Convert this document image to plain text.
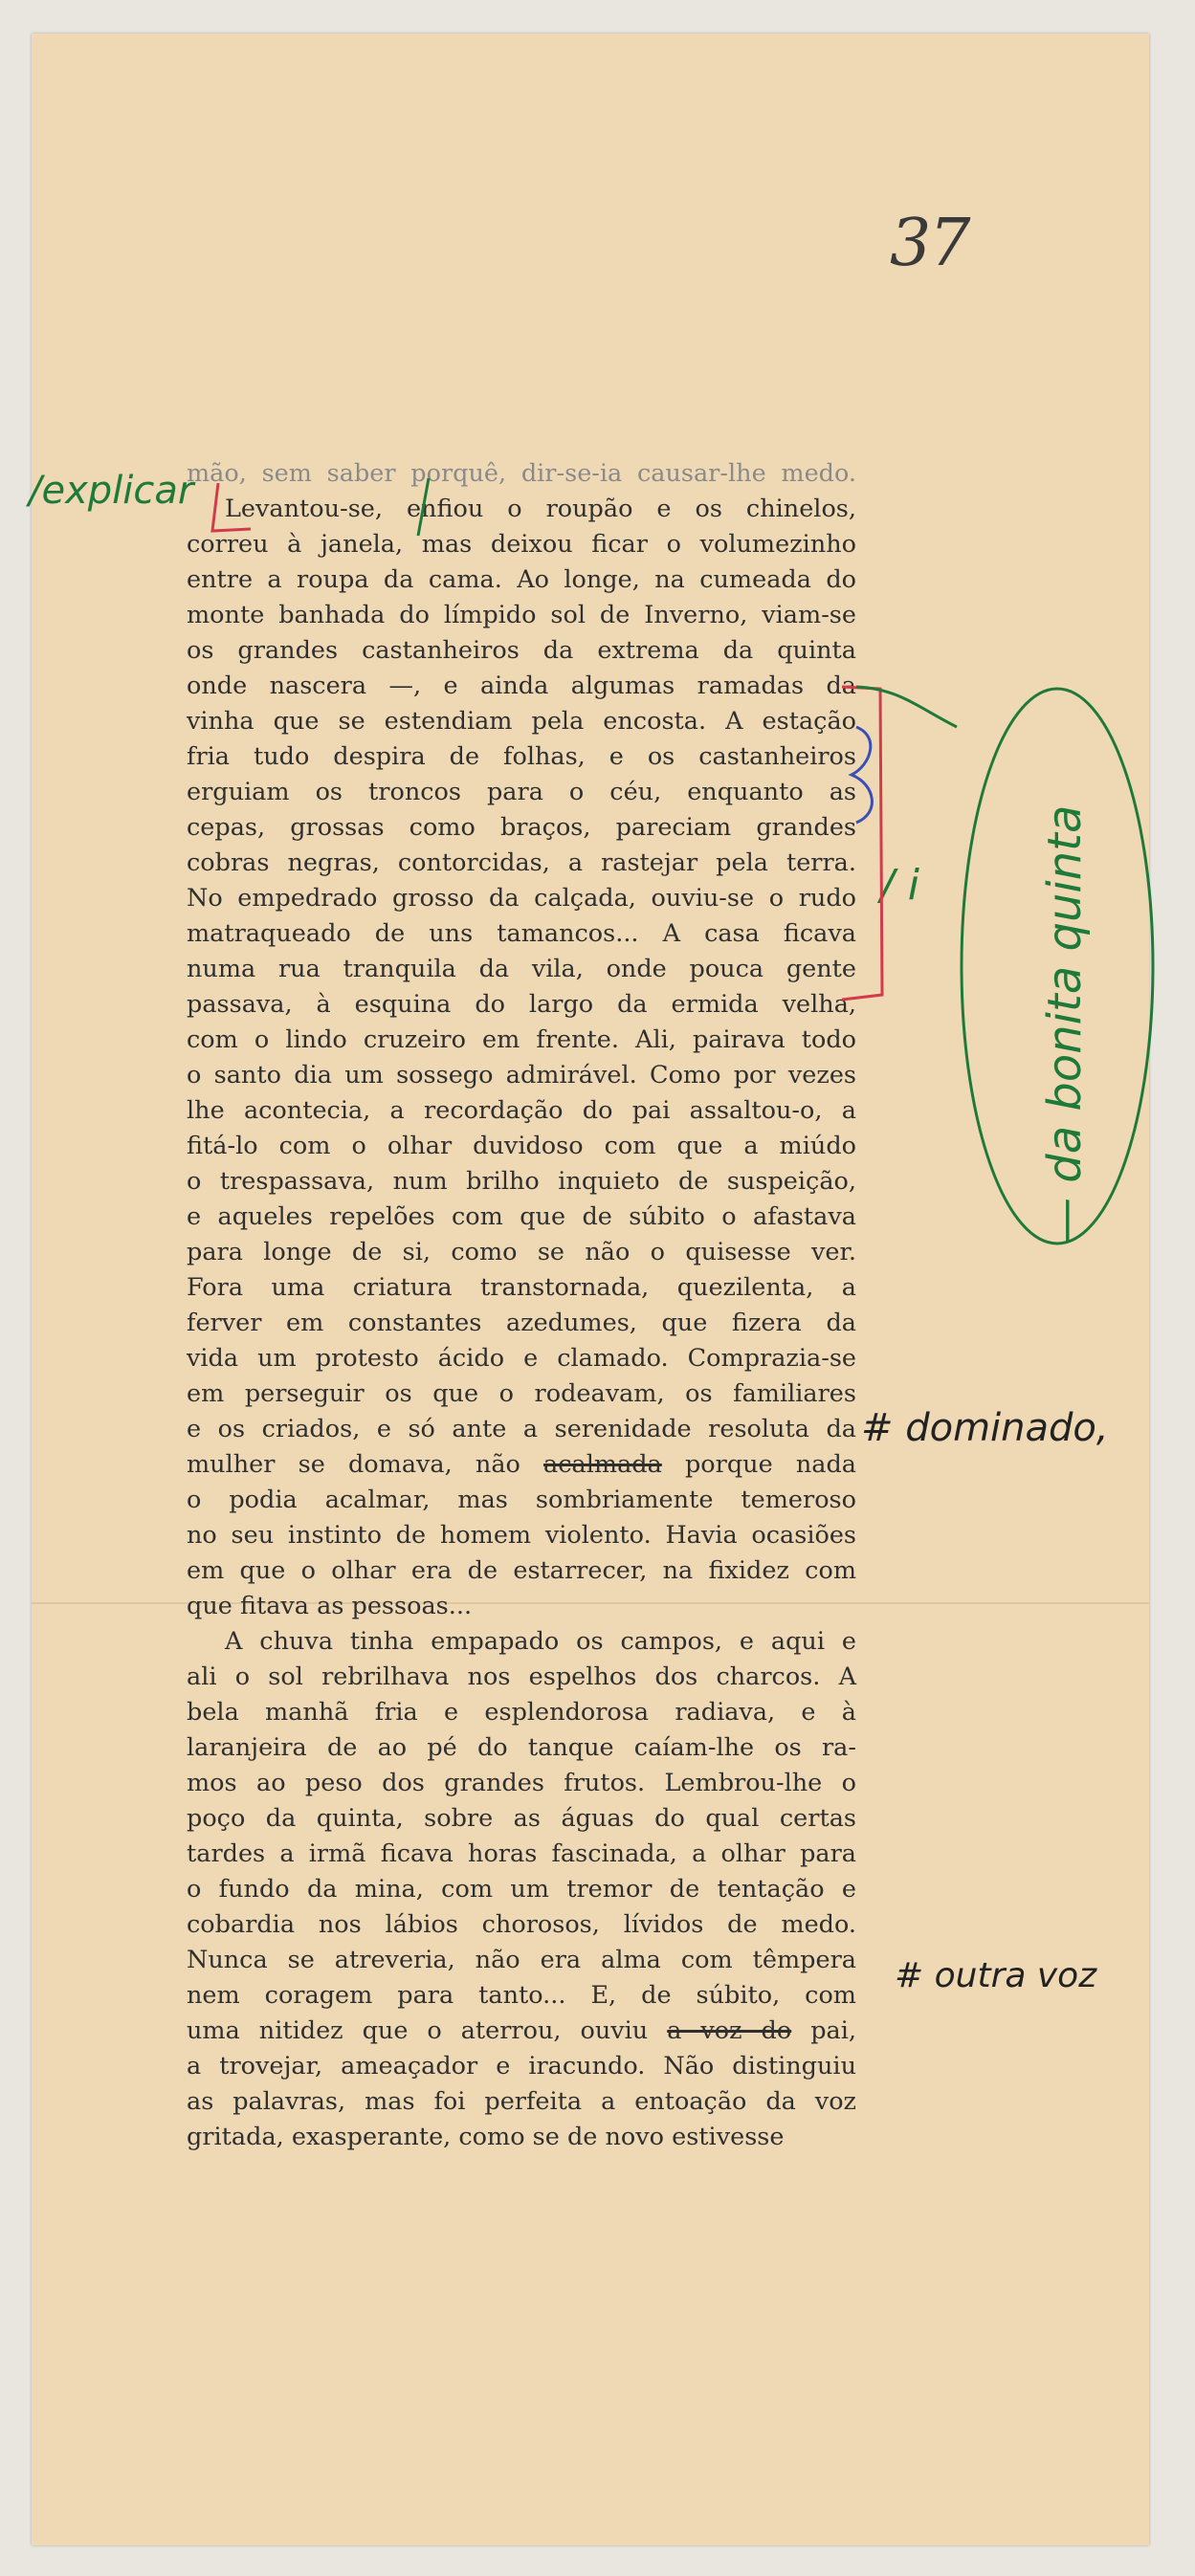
37
mão, sem saber porquê, dir-se-ia causar-lhe medo.
Levantou-se, enfiou o roupão e os chinelos,
correu à janela, mas deixou ficar o volumezinho
entre a roupa da cama. Ao longe, na cumeada do
monte banhada do límpido sol de Inverno, viam-se
os grandes castanheiros da extrema da quinta
onde nascera —, e ainda algumas ramadas da
vinha que se estendiam pela encosta. A estação
fria tudo despira de folhas, e os castanheiros
erguiam os troncos para o céu, enquanto as
cepas, grossas como braços, pareciam grandes
cobras negras, contorcidas, a rastejar pela terra.
No empedrado grosso da calçada, ouviu-se o rudo
matraqueado de uns tamancos... A casa ficava
numa rua tranquila da vila, onde pouca gente
passava, à esquina do largo da ermida velha,
com o lindo cruzeiro em frente. Ali, pairava todo
o santo dia um sossego admirável. Como por vezes
lhe acontecia, a recordação do pai assaltou-o, a
fitá-lo com o olhar duvidoso com que a miúdo
o trespassava, num brilho inquieto de suspeição,
e aqueles repelões com que de súbito o afastava
para longe de si, como se não o quisesse ver.
Fora uma criatura transtornada, quezilenta, a
ferver em constantes azedumes, que fizera da
vida um protesto ácido e clamado. Comprazia-se
em perseguir os que o rodeavam, os familiares
e os criados, e só ante a serenidade resoluta da
mulher se domava, não acalmada porque nada
o podia acalmar, mas sombriamente temeroso
no seu instinto de homem violento. Havia ocasiões
em que o olhar era de estarrecer, na fixidez com
que fitava as pessoas...
A chuva tinha empapado os campos, e aqui e
ali o sol rebrilhava nos espelhos dos charcos. A
bela manhã fria e esplendorosa radiava, e à
laranjeira de ao pé do tanque caíam-lhe os ra-
mos ao peso dos grandes frutos. Lembrou-lhe o
poço da quinta, sobre as águas do qual certas
tardes a irmã ficava horas fascinada, a olhar para
o fundo da mina, com um tremor de tentação e
cobardia nos lábios chorosos, lívidos de medo.
Nunca se atreveria, não era alma com têmpera
nem coragem para tanto... E, de súbito, com
uma nitidez que o aterrou, ouviu a voz do pai,
a trovejar, ameaçador e iracundo. Não distinguiu
as palavras, mas foi perfeita a entoação da voz
gritada, exasperante, como se de novo estivesse
/explicar
/ i
# dominado,
# outra voz
— da bonita quinta
